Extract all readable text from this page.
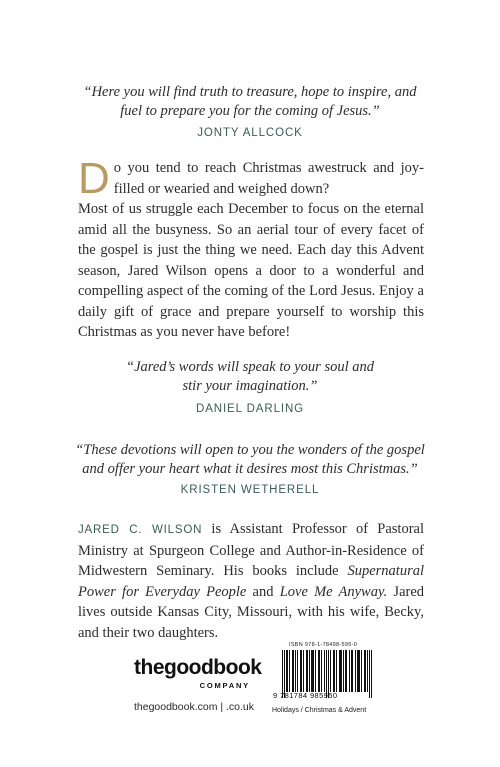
“Here you will find truth to treasure, hope to inspire, and
fuel to prepare you for the coming of Jesus.”
JONTY ALLCOCK
Do you tend to reach Christmas awestruck and joy-filled or wearied and weighed down?
Most of us struggle each December to focus on the eternal amid all the busyness. So an aerial tour of every facet of the gospel is just the thing we need. Each day this Advent season, Jared Wilson opens a door to a wonderful and compelling aspect of the coming of the Lord Jesus. Enjoy a daily gift of grace and prepare yourself to worship this Christmas as you never have before!
“Jared’s words will speak to your soul and
stir your imagination.”
DANIEL DARLING
“These devotions will open to you the wonders of the gospel
and offer your heart what it desires most this Christmas.”
KRISTEN WETHERELL
JARED C. WILSON is Assistant Professor of Pastoral Ministry at Spurgeon College and Author-in-Residence of Midwestern Seminary. His books include Supernatural Power for Everyday People and Love Me Anyway. Jared lives outside Kansas City, Missouri, with his wife, Becky, and their two daughters.
thegoodbook
COMPANY
thegoodbook.com | .co.uk
ISBN 978-1-78498-595-0
9 781784 985950
Holidays / Christmas & Advent
